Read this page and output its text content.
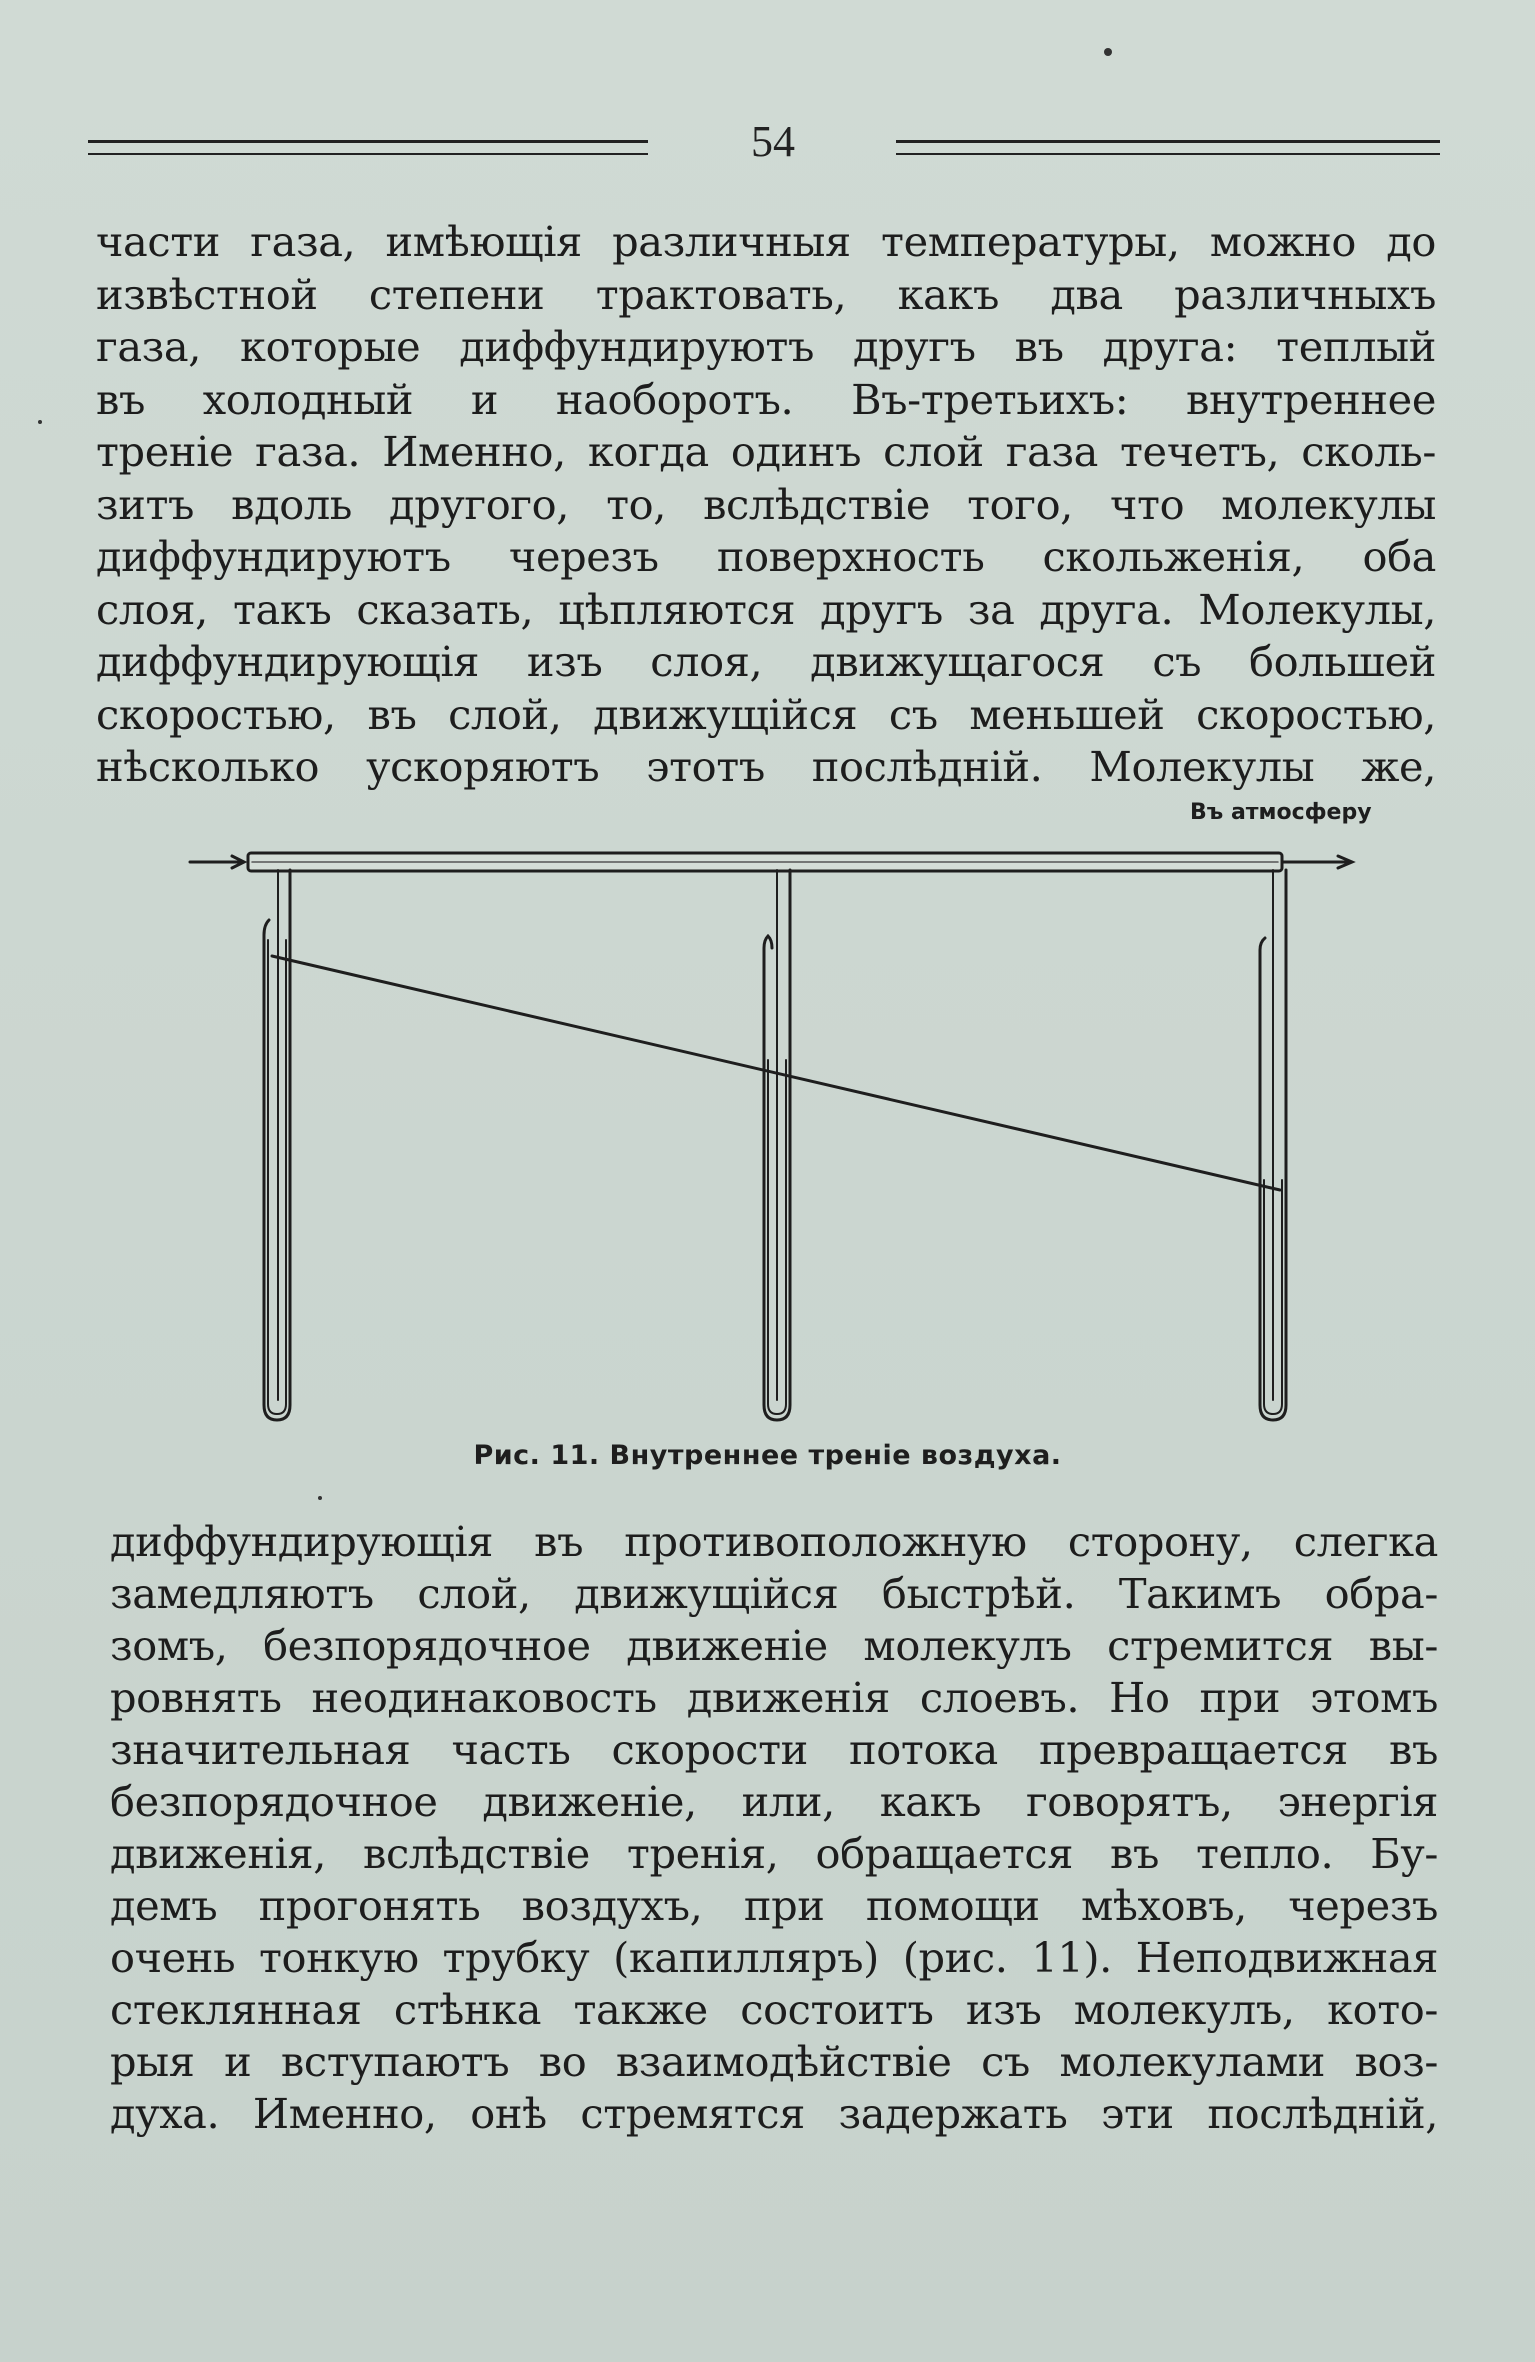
54
части газа, имѣющія различныя температуры, можно до
извѣстной степени трактовать, какъ два различныхъ
газа, которые диффундируютъ другъ въ друга: теплый
въ холодный и наоборотъ. Въ-третьихъ: внутреннее
треніе газа. Именно, когда одинъ слой газа течетъ, сколь-
зитъ вдоль другого, то, вслѣдствіе того, что молекулы
диффундируютъ черезъ поверхность скольженія, оба
слоя, такъ сказать, цѣпляются другъ за друга. Молекулы,
диффундирующія изъ слоя, движущагося съ большей
скоростью, въ слой, движущійся съ меньшей скоростью,
нѣсколько ускоряютъ этотъ послѣдній. Молекулы же,
Въ атмосферу
Рис. 11. Внутреннее треніе воздуха.
диффундирующія въ противоположную сторону, слегка
замедляютъ слой, движущійся быстрѣй. Такимъ обра-
зомъ, безпорядочное движеніе молекулъ стремится вы-
ровнять неодинаковость движенія слоевъ. Но при этомъ
значительная часть скорости потока превращается въ
безпорядочное движеніе, или, какъ говорятъ, энергія
движенія, вслѣдствіе тренія, обращается въ тепло. Бу-
демъ прогонять воздухъ, при помощи мѣховъ, черезъ
очень тонкую трубку (капилляръ) (рис. 11). Неподвижная
стеклянная стѣнка также состоитъ изъ молекулъ, кото-
рыя и вступаютъ во взаимодѣйствіе съ молекулами воз-
духа. Именно, онѣ стремятся задержать эти послѣдній,
